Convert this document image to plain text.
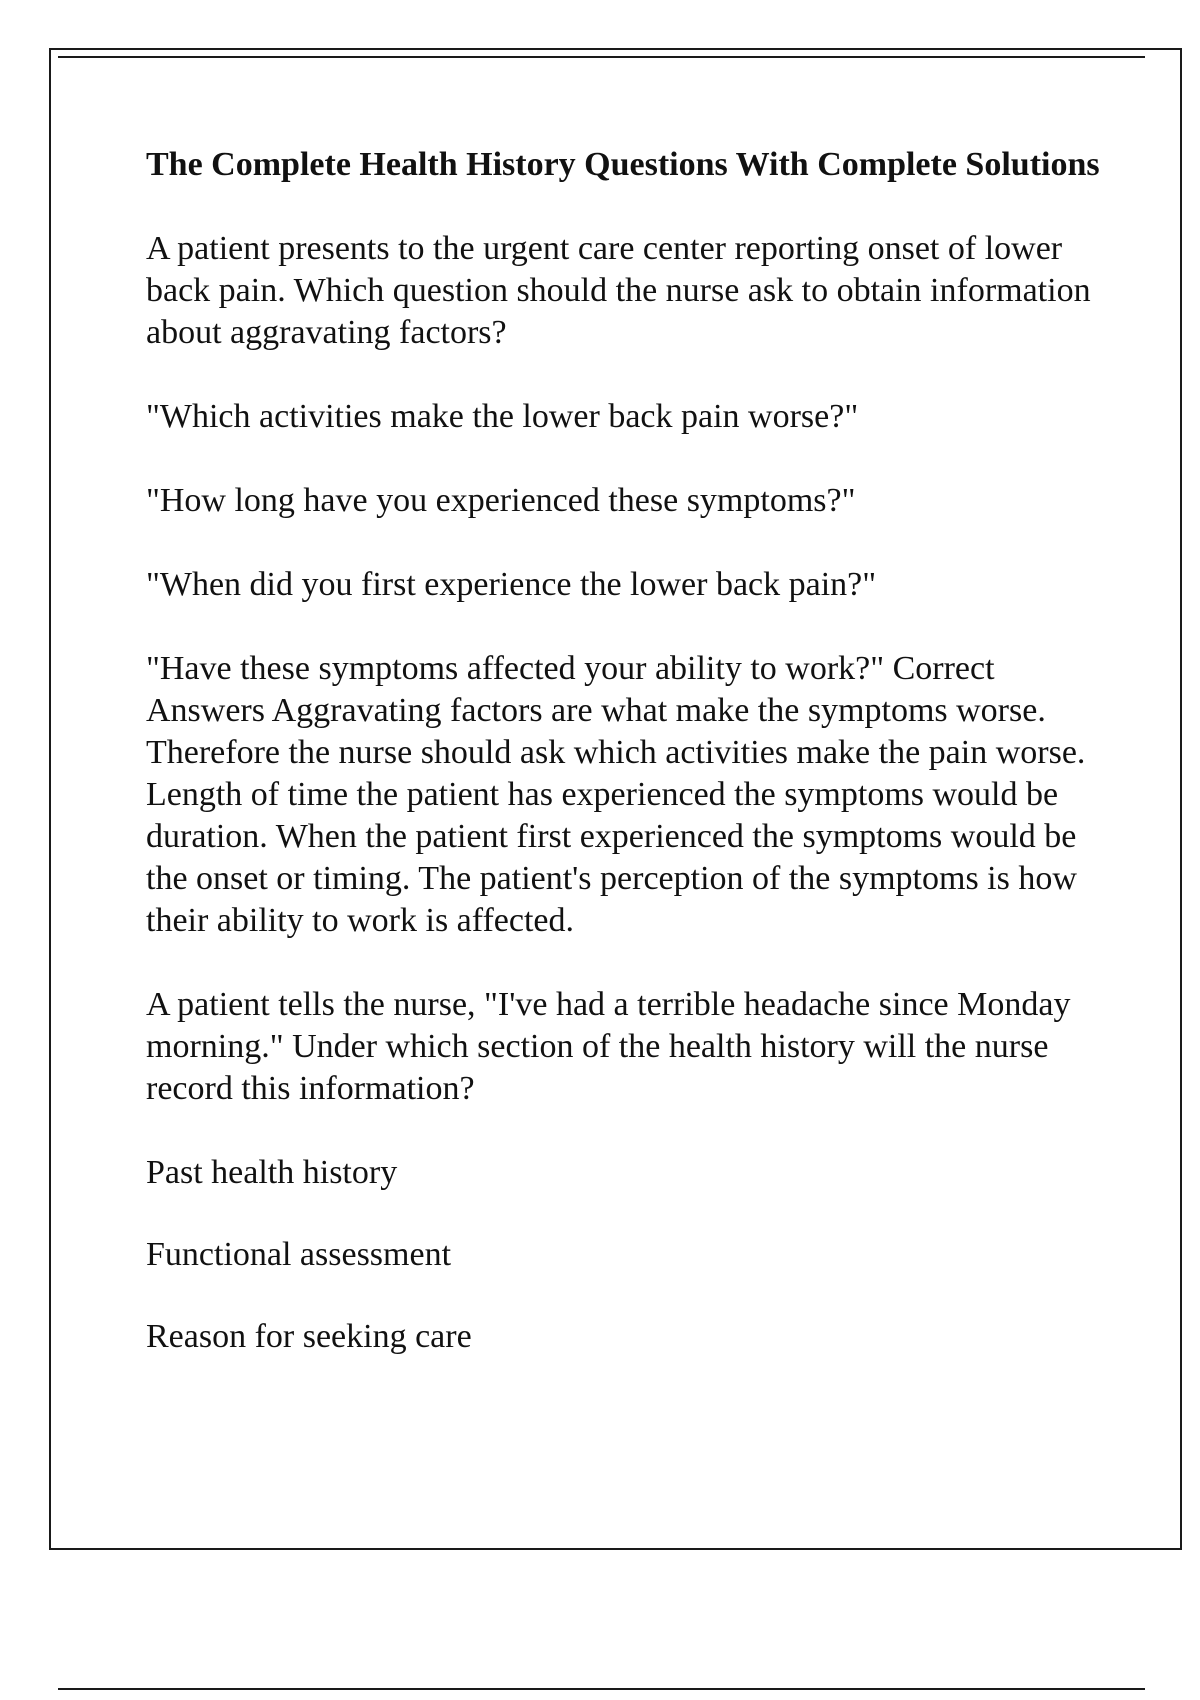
The Complete Health History Questions With Complete Solutions

A patient presents to the urgent care center reporting onset of lower back pain. Which question should the nurse ask to obtain information about aggravating factors?

"Which activities make the lower back pain worse?"

"How long have you experienced these symptoms?"

"When did you first experience the lower back pain?"

"Have these symptoms affected your ability to work?" Correct Answers Aggravating factors are what make the symptoms worse. Therefore the nurse should ask which activities make the pain worse. Length of time the patient has experienced the symptoms would be duration. When the patient first experienced the symptoms would be the onset or timing. The patient's perception of the symptoms is how their ability to work is affected.

A patient tells the nurse, "I've had a terrible headache since Monday morning." Under which section of the health history will the nurse record this information?

Past health history

Functional assessment

Reason for seeking care
